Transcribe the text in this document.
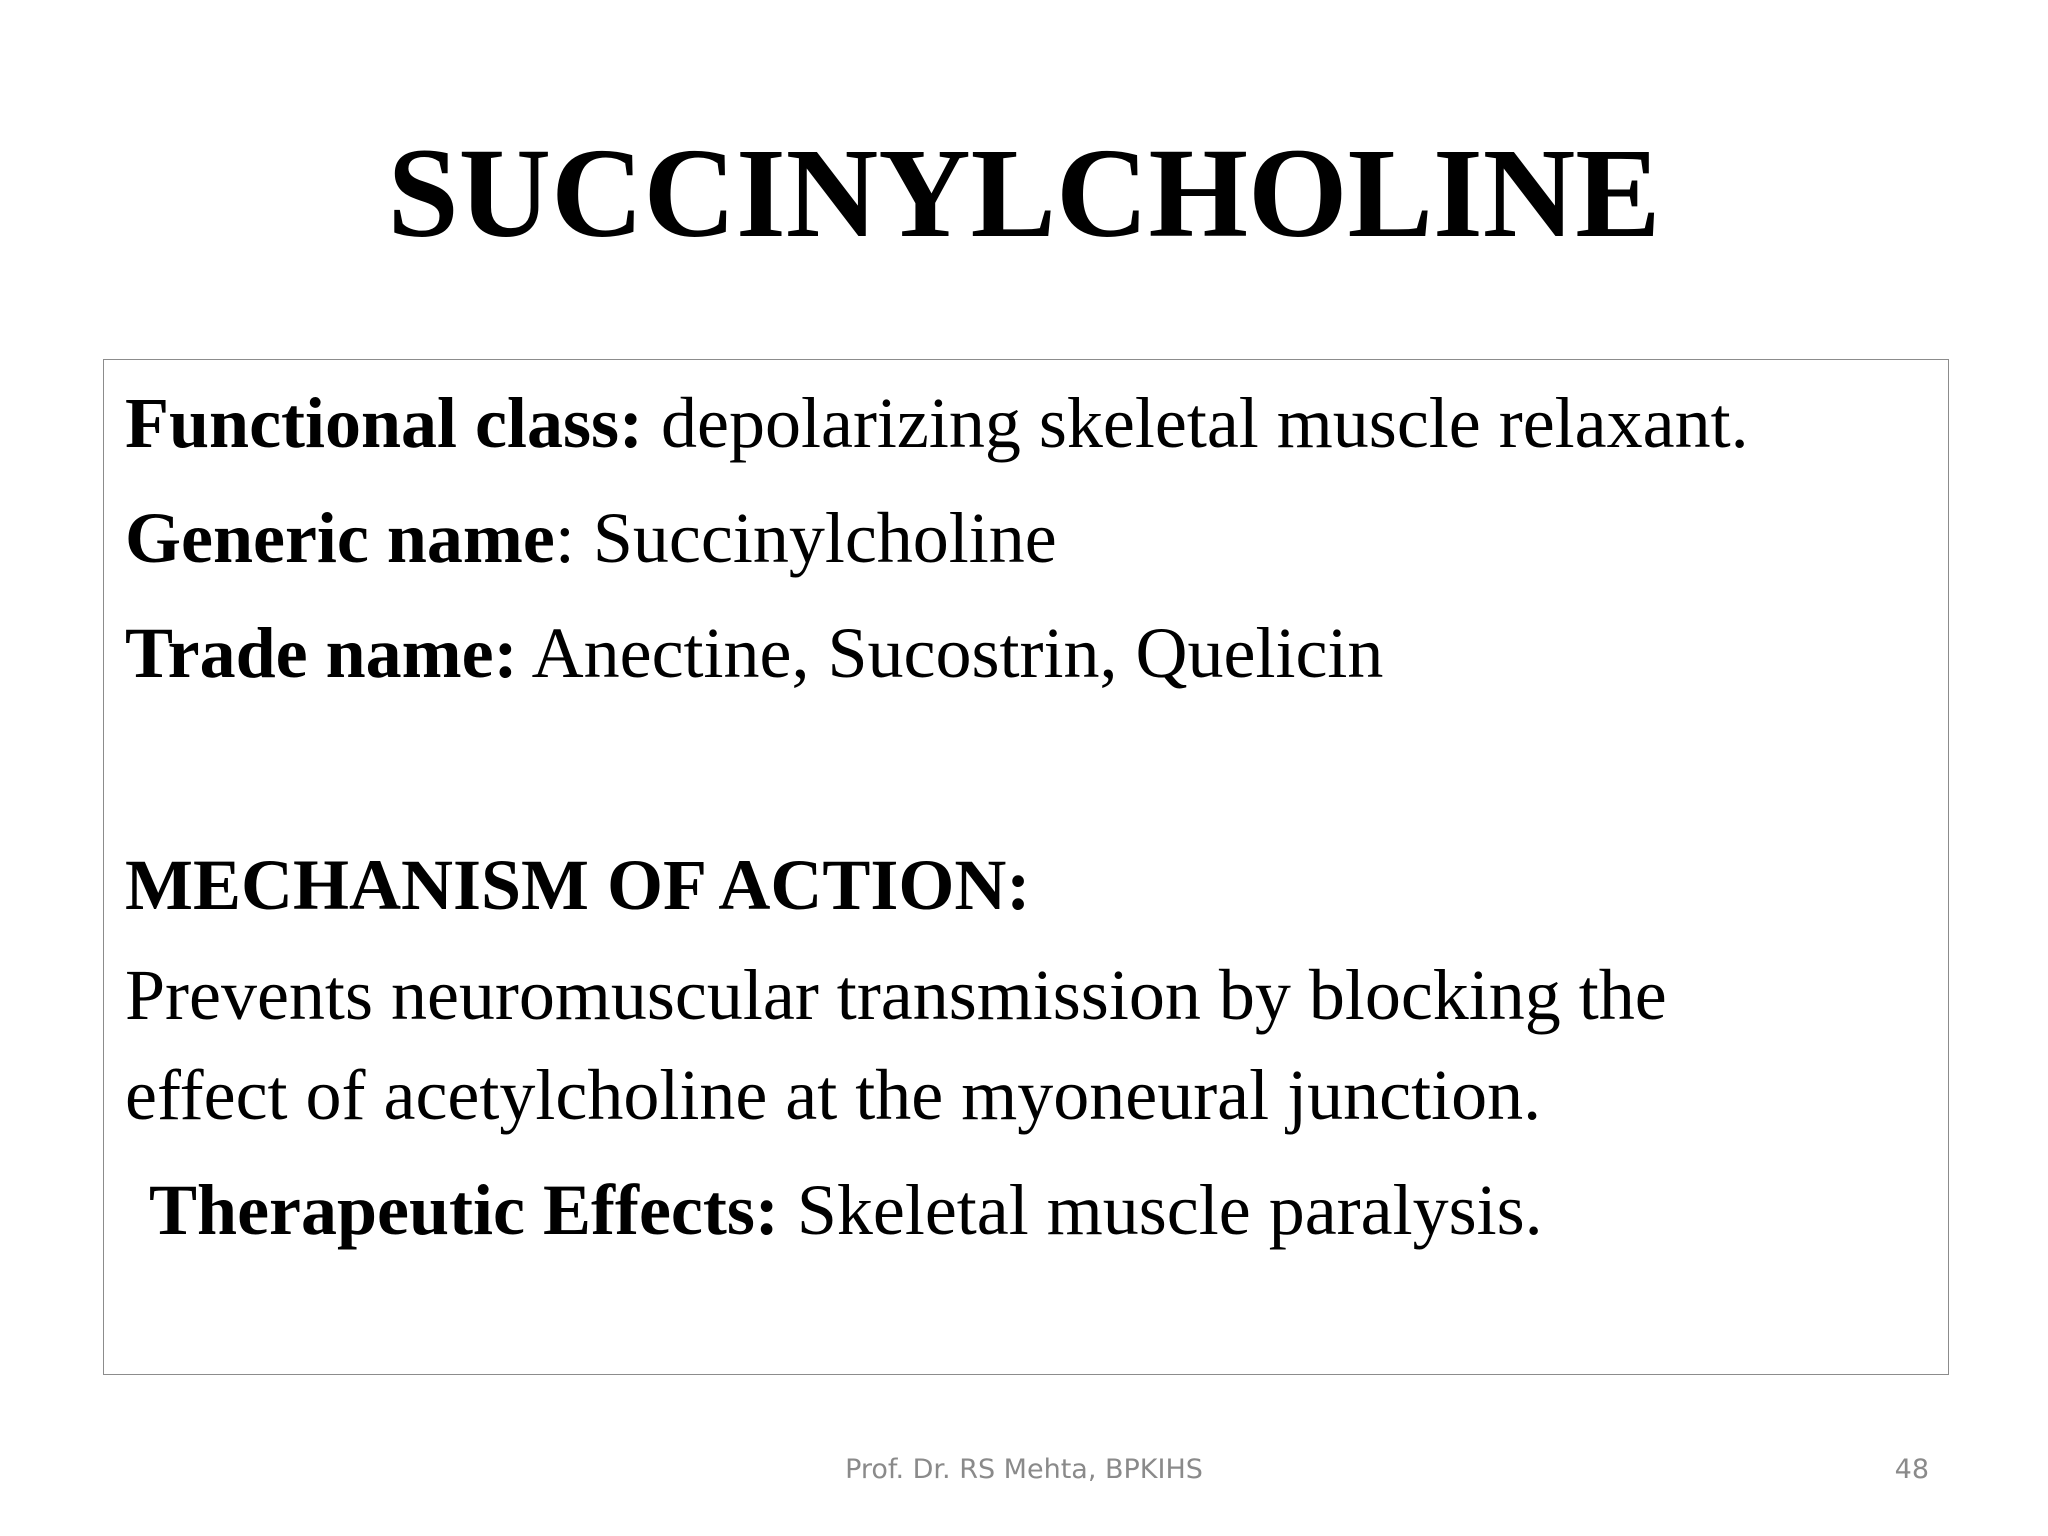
SUCCINYLCHOLINE

Functional class: depolarizing skeletal muscle relaxant.

Generic name: Succinylcholine

Trade name: Anectine, Sucostrin, Quelicin

MECHANISM OF ACTION:

Prevents neuromuscular transmission by blocking the

effect of acetylcholine at the myoneural junction.

Therapeutic Effects: Skeletal muscle paralysis.

Prof. Dr. RS Mehta, BPKIHS	48
